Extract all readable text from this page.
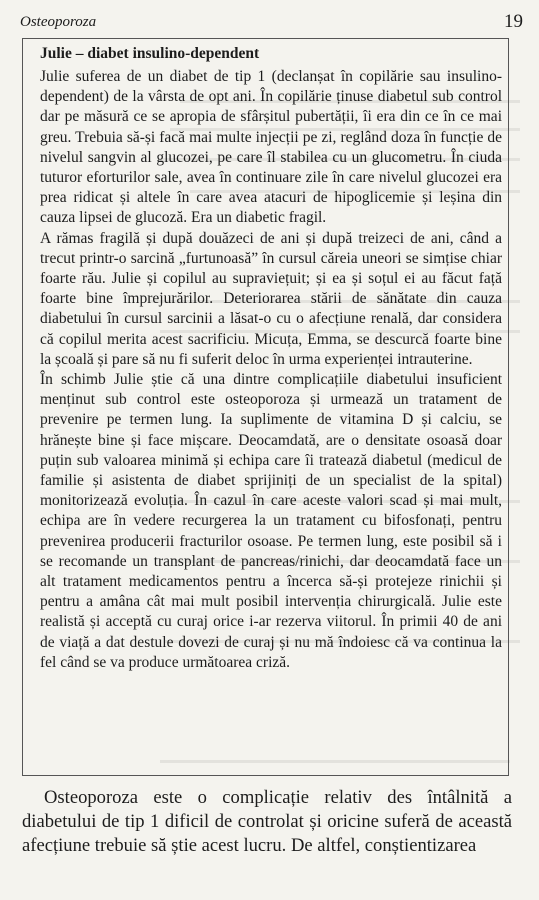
Osteoporoza	19
Julie – diabet insulino-dependent

Julie suferea de un diabet de tip 1 (declanșat în copilărie sau insulino-dependent) de la vârsta de opt ani. În copilărie ținuse diabetul sub control dar pe măsură ce se apropia de sfârșitul pubertății, îi era din ce în ce mai greu. Trebuia să-și facă mai multe injecții pe zi, reglând doza în funcție de nivelul sangvin al glucozei, pe care îl stabilea cu un glucometru. În ciuda tuturor eforturilor sale, avea în continuare zile în care nivelul glucozei era prea ridicat și altele în care avea atacuri de hipoglicemie și leșina din cauza lipsei de glucoză. Era un diabetic fragil.

A rămas fragilă și după douăzeci de ani și după treizeci de ani, când a trecut printr-o sarcină „furtunoasă” în cursul căreia uneori se simțise chiar foarte rău. Julie și copilul au supraviețuit; și ea și soțul ei au făcut față foarte bine împrejurărilor. Deteriorarea stării de sănătate din cauza diabetului în cursul sarcinii a lăsat-o cu o afecțiune renală, dar considera că copilul merita acest sacrificiu. Micuța, Emma, se descurcă foarte bine la școală și pare să nu fi suferit deloc în urma experienței intrauterine.

În schimb Julie știe că una dintre complicațiile diabetului insuficient menținut sub control este osteoporoza și urmează un tratament de prevenire pe termen lung. Ia suplimente de vitamina D și calciu, se hrănește bine și face mișcare. Deocamdată, are o densitate osoasă doar puțin sub valoarea minimă și echipa care îi tratează diabetul (medicul de familie și asistenta de diabet sprijiniți de un specialist de la spital) monitorizează evoluția. În cazul în care aceste valori scad și mai mult, echipa are în vedere recurgerea la un tratament cu bifosfonați, pentru prevenirea producerii fracturilor osoase. Pe termen lung, este posibil să i se recomande un transplant de pancreas/rinichi, dar deocamdată face un alt tratament medicamentos pentru a încerca să-și protejeze rinichii și pentru a amâna cât mai mult posibil intervenția chirurgicală. Julie este realistă și acceptă cu curaj orice i-ar rezerva viitorul. În primii 40 de ani de viață a dat destule dovezi de curaj și nu mă îndoiesc că va continua la fel când se va produce următoarea criză.

Osteoporoza este o complicație relativ des întâlnită a diabetului de tip 1 dificil de controlat și oricine suferă de această afecțiune trebuie să știe acest lucru. De altfel, conștientizarea
